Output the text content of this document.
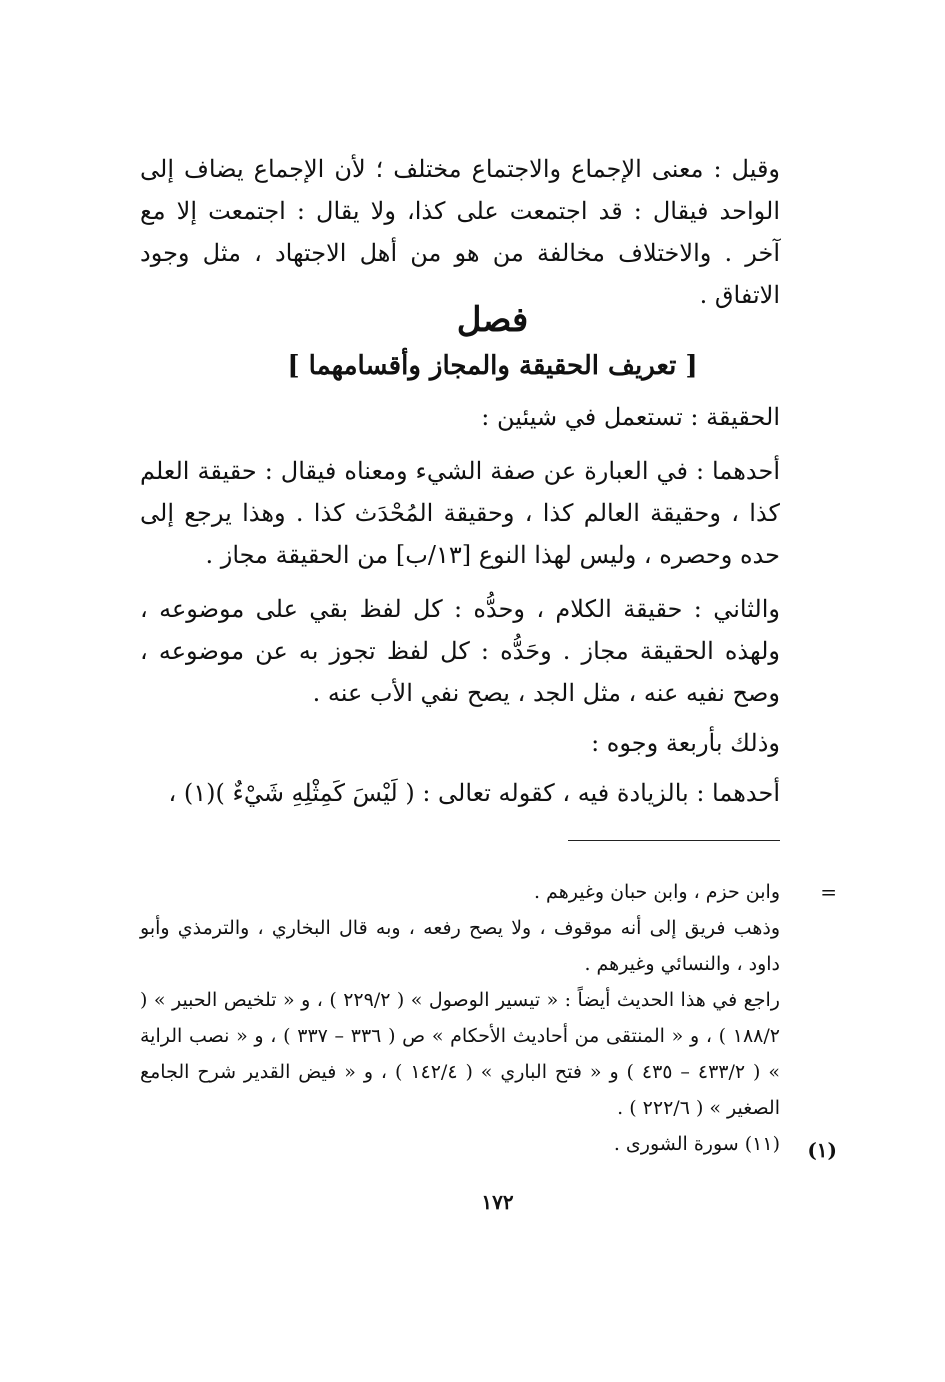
وقيل : معنى الإجماع والاجتماع مختلف ؛ لأن الإجماع يضاف إلى الواحد فيقال : قد اجتمعت على كذا، ولا يقال : اجتمعت إلا مع آخر . والاختلاف مخالفة من هو من أهل الاجتهاد ، مثل وجود الاتفاق .

فصل
[ تعريف الحقيقة والمجاز وأقسامهما ]

الحقيقة : تستعمل في شيئين :

أحدهما : في العبارة عن صفة الشيء ومعناه فيقال : حقيقة العلم كذا ، وحقيقة العالم كذا ، وحقيقة المُحْدَث كذا . وهذا يرجع إلى حده وحصره ، وليس لهذا النوع [١٣/ب] من الحقيقة مجاز .

والثاني : حقيقة الكلام ، وحدُّه : كل لفظ بقي على موضوعه ، ولهذه الحقيقة مجاز . وحَدُّه : كل لفظ تجوز به عن موضوعه ، وصح نفيه عنه ، مثل الجد ، يصح نفي الأب عنه .

وذلك بأربعة وجوه :

أحدهما : بالزيادة فيه ، كقوله تعالى : ( لَيْسَ كَمِثْلِهِ شَيْءٌ )(١) ،

=
(١)
وابن حزم ، وابن حبان وغيرهم .
وذهب فريق إلى أنه موقوف ، ولا يصح رفعه ، وبه قال البخاري ، والترمذي وأبو داود ، والنسائي وغيرهم .
راجع في هذا الحديث أيضاً : « تيسير الوصول » ( ٢٢٩/٢ ) ، و « تلخيص الحبير » ( ١٨٨/٢ ) ، و « المنتقى من أحاديث الأحكام » ص ( ٣٣٦ – ٣٣٧ ) ، و « نصب الراية » ( ٤٣٣/٢ – ٤٣٥ ) و « فتح الباري » ( ١٤٢/٤ ) ، و « فيض القدير شرح الجامع الصغير » ( ٢٢٢/٦ ) .
(١١) سورة الشورى .
١٧٢
